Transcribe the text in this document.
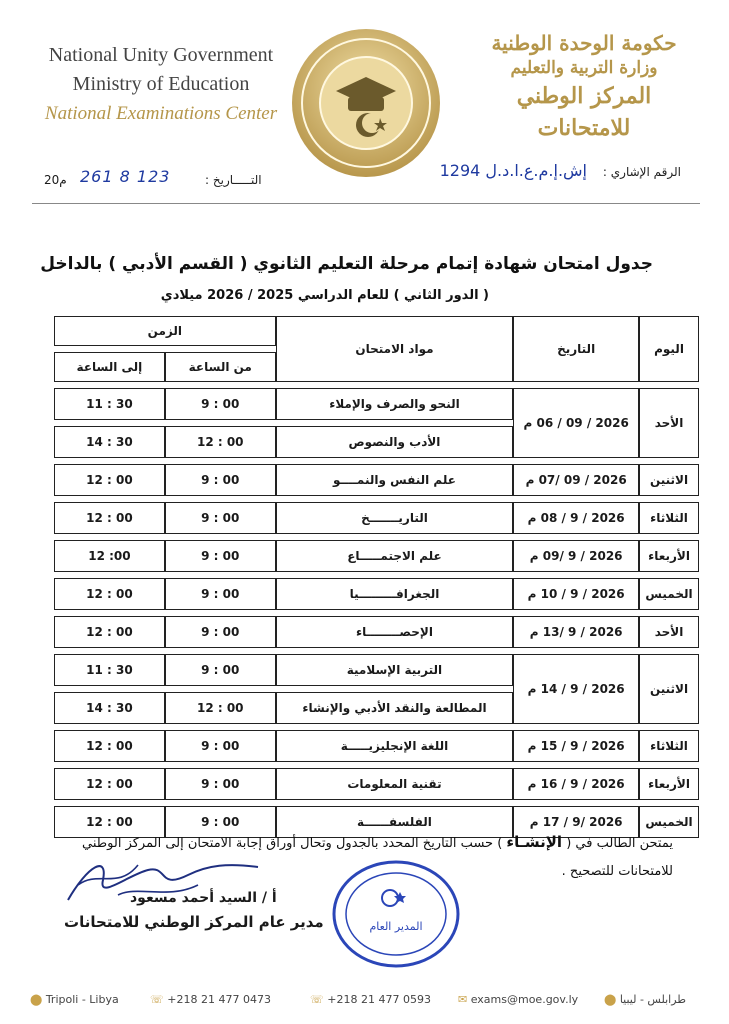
National Unity Government
Ministry of Education
National Examinations Center
حكومة الوحدة الوطنية
وزارة التربية والتعليم
المركز الوطني للامتحانات
الرقم الإشاري :
إش.إ.م.ع.ا.د.ل 1294
التـــــاريخ :
261 8 123
20م
جدول امتحان شهادة إتمام مرحلة التعليم الثانوي ( القسم الأدبي ) بالداخل
( الدور الثاني ) للعام الدراسي 2025 / 2026 ميلادي
اليوم	التاريخ	مواد الامتحان	الزمن	
			من الساعة	إلى الساعة
الأحد	2026 / 09 / 06 م	النحو والصرف والإملاء	9 : 00	11 : 30
		الأدب والنصوص	12 : 00	14 : 30
الاثنين	2026 / 09 /07 م	علم النفس والنمــــو	9 : 00	12 : 00
الثلاثاء	2026 / 9 / 08 م	التاريـــــــخ	9 : 00	12 : 00
الأربعاء	2026 / 9 /09 م	علم الاجتمـــــاع	9 : 00	12 :00
الخميس	2026 / 9 / 10 م	الجغرافـــــــــيا	9 : 00	12 : 00
الأحد	2026 / 9 /13 م	الإحصــــــــاء	9 : 00	12 : 00
الاثنين	2026 / 9 / 14 م	التربية الإسلامية	9 : 00	11 : 30
		المطالعة والنقد الأدبي والإنشاء	12 : 00	14 : 30
الثلاثاء	2026 / 9 / 15 م	اللغة الإنجليزيـــــة	9 : 00	12 : 00
الأربعاء	2026 / 9 / 16 م	تقنية المعلومات	9 : 00	12 : 00
الخميس	2026 /9 / 17 م	الفلسفــــــة	9 : 00	12 : 00
يمتحن الطالب في ( الإنشـاء ) حسب التاريخ المحدد بالجدول وتحال أوراق إجابة الامتحان إلى المركز الوطني للامتحانات للتصحيح .
أ / السيد أحمد مسعود
مدير عام المركز الوطني للامتحانات	المدير العام
⬤ Tripoli - Libya	☏ +218 21 477 0473	☏ +218 21 477 0593 ✉ exams@moe.gov.ly	طرابلس - ليبيا ⬤
